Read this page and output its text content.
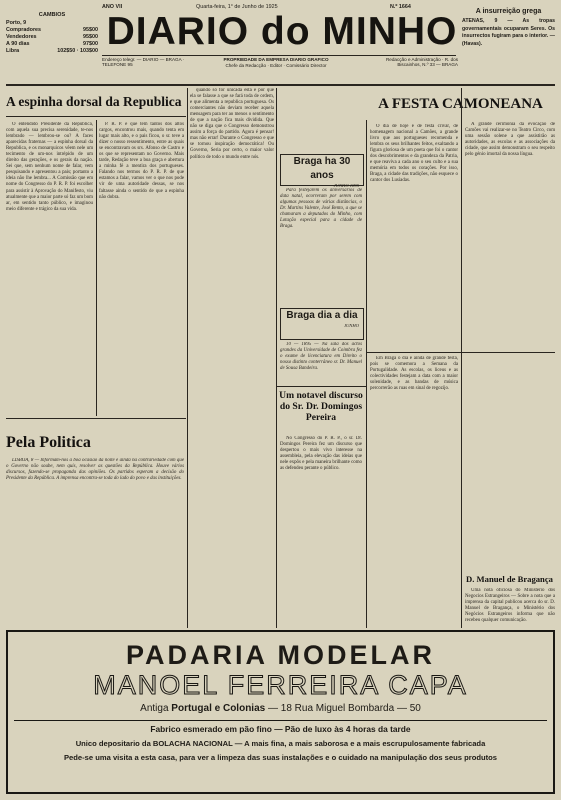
ANO VII	Quarta-feira, 1° de Junho de 1925	N.º 1664
CAMBIOS
Porto, 9
Compradores	95$00
Vendedores	95$00
A 90 dias	97$00
Libra	102$50 · 103$00 DIARIO do MINHO
Endereço telegr. — DIARIO — BRAGA · TELEFONE 95
PROPRIEDADE DA EMPRESA DIARIO GRAFICO
Chefe da Redacção · Editor · Comissário Director
Redacção e Administração · R. dos Biscainhos, N.º 33 — BRAGA
A insurreição grega
ATENAS, 9 — As tropas governamentais ocuparam Seres. Os insurrectos fugiram para o interior. — (Havas).
A espinha dorsal da Republica	A FESTA CAMONEANA

O entendido Presidente da Republica, com aquela sua precisa serenidade, te-nos lembrado — lembrou-se ou? A faces aparecidas fraternas — a espinha dorsal da Republica, e os monarquicos vêem nele um tecimento de um-nos intrépido de um direito das gerações, e os gerais da nação. Sei que, sem nenhum nome de falar, vem pesquisando e apresentou a pais; portanto a ideia não lhe lembra... A Comissão que em nome do Congresso do P. R. P. foi escolher para assistir à Aprovação do Manifesto, viu atualmente que a maior parte só faz um bom ar, em sentido tanto público, e imaginou meio diferente e trágico da sua vida.

P. R. P. e que tem tantos dos altos cargos, encontrou mais, quando tenta em lugar mais alto, e o pais ficou, o sr. teve a dizer o nosso ressentimento, entre as quais se encontravam os srs. Afonso de Castro e os que se representam no Governo. Mais tarde, Redação teve a boa graça e abertura a minha fé a mentira dos portugueses. Falando nos termos do P. R. P. de que estamos a falar, vamos ver o que nos pode vir de uma autoridade dessas, se nos faltasse ainda o sentido de que a espinha não dobra.

quando só for unicada esta e por que ela se falasse a que se fará toda de ordem, e que alimenta a republica portuguesa. Os comerciantes não deviam receber aquela mensagem para ter ao menos o sentimento de que a nação fica mais dividida. Que não se diga que o Congresso demonstrou assim a força do partido. Agora é pensar! mas não errar! Durante o Congresso e que se tornou inspiração democrática! Ou Governo, Seria por certo, o maior valor político de todo o mundo entre nós.

Pela Politica

LISBOA, 8 — Informam-nos a boa ocasião da noite e ainda na contrariedade com que o Governo não soube, nem quis, resolver as questões da República. Houve vários discursos, fazendo-se propaganda das opiniões. Os partidos esperam a decisão do Presidente da República. A imprensa encontra-se toda do lado do povo e das instituições.

Braga ha 30 anos
JUNHO 1895

Para festejarem os aniversários de data natal, ocorreram por serem com algumas pessoas de várias distâncias, o Dr. Martins Valente, José Bento, a que se chamaram a deputados do Minho, com Lotação especial para a cidade de Braga.

Braga dia a dia
JUNHO

10 — 1895 — Na sala dos actos grandes da Universidade de Coimbra fez o exame de licenciatura em Direito o nosso distinto conterrâneo sr. Dr. Manuel de Sousa Bandeira.

Um notavel discurso do Sr. Dr. Domingos Pereira

No Congresso do P. R. P., o sr. Dr. Domingos Pereira fez um discurso que despertou o mais vivo interesse na assembleia, pela elevação das ideias que nele expôs e pela maneira brilhante como as defendeu perante o público.

O dia de hoje é de festa crivar, de homenagem nacional a Camões, a grande livro que aos portugueses recomenda e lembra os seus brilhantes feitos, exaltando a figura gloriosa de um poeta que foi o cantor dos descobrimentos e da grandeza da Patria, e que reaviva a cada ano o seu culto e a sua memória em todos os corações. Por isso, Braga, a cidade das tradições, não esquece o cantor dos Lusíadas.

A grande cerimónia da evocação de Camões vai realizar-se no Teatro Circo, com uma sessão solene a que assistirão as autoridades, as escolas e as associações da cidade, que assim demonstram o seu respeito pelo génio imortal da nossa língua.

Em Braga o dia é ainda de grande festa, pois se comemora a Semana da Portugalidade. As escolas, os liceus e as colectividades festejam a data com a maior solenidade, e as bandas de música percorrerão as ruas em sinal de regozijo.

D. Manuel de Bragança

Uma nota oficiosa do Ministerio dos Negocios Estrangeiros — Sobre a nota que a imprensa da capital publicou acerca do sr. D. Manuel de Bragança, o Ministério dos Negócios Estrangeiros informa que não recebeu qualquer comunicação.

PADARIA MODELAR
MANOEL FERREIRA CAPA
Antiga Portugal e Colonias — 18 Rua Miguel Bombarda — 50
Fabrico esmerado em pão fino — Pão de luxo às 4 horas da tarde
Unico depositario da BOLACHA NACIONAL — A mais fina, a mais saborosa e a mais escrupulosamente fabricada
Pede-se uma visita a esta casa, para ver a limpeza das suas instalações e o cuidado na manipulação dos seus produtos
